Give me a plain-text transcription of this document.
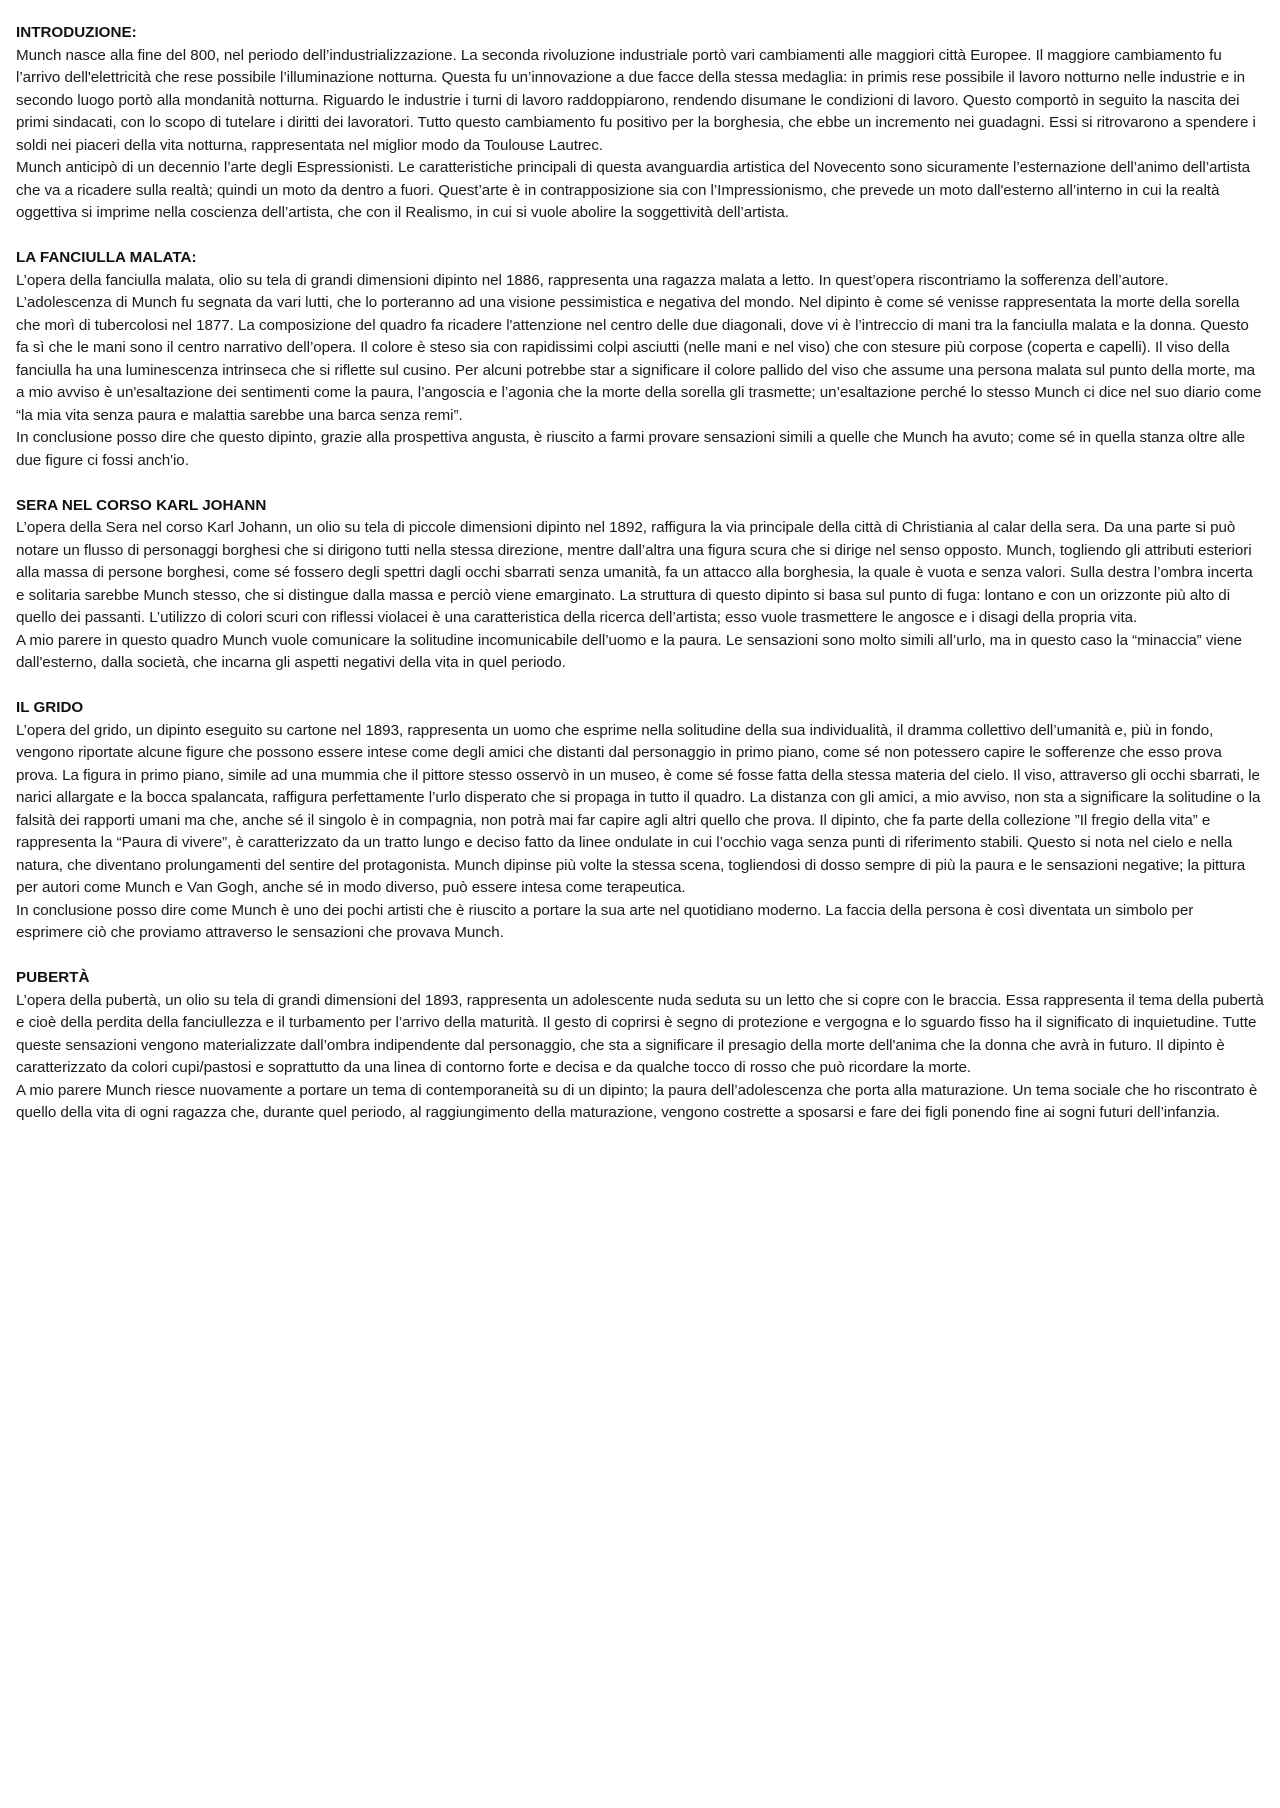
INTRODUZIONE:

Munch nasce alla fine del 800, nel periodo dell’industrializzazione. La seconda rivoluzione industriale portò vari cambiamenti alle maggiori città Europee. Il maggiore cambiamento fu l’arrivo dell'elettricità che rese possibile l’illuminazione notturna. Questa fu un’innovazione a due facce della stessa medaglia: in primis rese possibile il lavoro notturno nelle industrie e in secondo luogo portò alla mondanità notturna. Riguardo le industrie i turni di lavoro raddoppiarono, rendendo disumane le condizioni di lavoro. Questo comportò in seguito la nascita dei primi sindacati, con lo scopo di tutelare i diritti dei lavoratori. Tutto questo cambiamento fu positivo per la borghesia, che ebbe un incremento nei guadagni. Essi si ritrovarono a spendere i soldi nei piaceri della vita notturna, rappresentata nel miglior modo da Toulouse Lautrec.

Munch anticipò di un decennio l’arte degli Espressionisti. Le caratteristiche principali di questa avanguardia artistica del Novecento sono sicuramente l’esternazione dell’animo dell’artista che va a ricadere sulla realtà; quindi un moto da dentro a fuori. Quest’arte è in contrapposizione sia con l’Impressionismo, che prevede un moto dall'esterno all’interno in cui la realtà oggettiva si imprime nella coscienza dell’artista, che con il Realismo, in cui si vuole abolire la soggettività dell’artista.

LA FANCIULLA MALATA:

L’opera della fanciulla malata, olio su tela di grandi dimensioni dipinto nel 1886, rappresenta una ragazza malata a letto. In quest’opera riscontriamo la sofferenza dell’autore. L’adolescenza di Munch fu segnata da vari lutti, che lo porteranno ad una visione pessimistica e negativa del mondo. Nel dipinto è come sé venisse rappresentata la morte della sorella che morì di tubercolosi nel 1877. La composizione del quadro fa ricadere l'attenzione nel centro delle due diagonali, dove vi è l’intreccio di mani tra la fanciulla malata e la donna. Questo fa sì che le mani sono il centro narrativo dell’opera. Il colore è steso sia con rapidissimi colpi asciutti (nelle mani e nel viso) che con stesure più corpose (coperta e capelli). Il viso della fanciulla ha una luminescenza intrinseca che si riflette sul cusino. Per alcuni potrebbe star a significare il colore pallido del viso che assume una persona malata sul punto della morte, ma a mio avviso è un'esaltazione dei sentimenti come la paura, l’angoscia e l’agonia che la morte della sorella gli trasmette; un’esaltazione perché lo stesso Munch ci dice nel suo diario come “la mia vita senza paura e malattia sarebbe una barca senza remi”.

In conclusione posso dire che questo dipinto, grazie alla prospettiva angusta, è riuscito a farmi provare sensazioni simili a quelle che Munch ha avuto; come sé in quella stanza oltre alle due figure ci fossi anch'io.

SERA NEL CORSO KARL JOHANN

L’opera della Sera nel corso Karl Johann, un olio su tela di piccole dimensioni dipinto nel 1892, raffigura la via principale della città di Christiania al calar della sera. Da una parte si può notare un flusso di personaggi borghesi che si dirigono tutti nella stessa direzione, mentre dall’altra una figura scura che si dirige nel senso opposto. Munch, togliendo gli attributi esteriori alla massa di persone borghesi, come sé fossero degli spettri dagli occhi sbarrati senza umanità, fa un attacco alla borghesia, la quale è vuota e senza valori. Sulla destra l’ombra incerta e solitaria sarebbe Munch stesso, che si distingue dalla massa e perciò viene emarginato. La struttura di questo dipinto si basa sul punto di fuga: lontano e con un orizzonte più alto di quello dei passanti. L’utilizzo di colori scuri con riflessi violacei è una caratteristica della ricerca dell’artista; esso vuole trasmettere le angosce e i disagi della propria vita.

A mio parere in questo quadro Munch vuole comunicare la solitudine incomunicabile dell’uomo e la paura. Le sensazioni sono molto simili all’urlo, ma in questo caso la “minaccia” viene dall'esterno, dalla società, che incarna gli aspetti negativi della vita in quel periodo.

IL GRIDO

L’opera del grido, un dipinto eseguito su cartone nel 1893, rappresenta un uomo che esprime nella solitudine della sua individualità, il dramma collettivo dell’umanità e, più in fondo, vengono riportate alcune figure che possono essere intese come degli amici che distanti dal personaggio in primo piano, come sé non potessero capire le sofferenze che esso prova prova. La figura in primo piano, simile ad una mummia che il pittore stesso osservò in un museo, è come sé fosse fatta della stessa materia del cielo. Il viso, attraverso gli occhi sbarrati, le narici allargate e la bocca spalancata, raffigura perfettamente l’urlo disperato che si propaga in tutto il quadro. La distanza con gli amici, a mio avviso, non sta a significare la solitudine o la falsità dei rapporti umani ma che, anche sé il singolo è in compagnia, non potrà mai far capire agli altri quello che prova. Il dipinto, che fa parte della collezione ”Il fregio della vita” e rappresenta la “Paura di vivere”, è caratterizzato da un tratto lungo e deciso fatto da linee ondulate in cui l’occhio vaga senza punti di riferimento stabili. Questo si nota nel cielo e nella natura, che diventano prolungamenti del sentire del protagonista. Munch dipinse più volte la stessa scena, togliendosi di dosso sempre di più la paura e le sensazioni negative; la pittura per autori come Munch e Van Gogh, anche sé in modo diverso, può essere intesa come terapeutica.

In conclusione posso dire come Munch è uno dei pochi artisti che è riuscito a portare la sua arte nel quotidiano moderno. La faccia della persona è così diventata un simbolo per esprimere ciò che proviamo attraverso le sensazioni che provava Munch.

PUBERTÀ

L’opera della pubertà, un olio su tela di grandi dimensioni del 1893, rappresenta un adolescente nuda seduta su un letto che si copre con le braccia. Essa rappresenta il tema della pubertà e cioè della perdita della fanciullezza e il turbamento per l’arrivo della maturità. Il gesto di coprirsi è segno di protezione e vergogna e lo sguardo fisso ha il significato di inquietudine. Tutte queste sensazioni vengono materializzate dall’ombra indipendente dal personaggio, che sta a significare il presagio della morte dell'anima che la donna che avrà in futuro. Il dipinto è caratterizzato da colori cupi/pastosi e soprattutto da una linea di contorno forte e decisa e da qualche tocco di rosso che può ricordare la morte.

A mio parere Munch riesce nuovamente a portare un tema di contemporaneità su di un dipinto; la paura dell’adolescenza che porta alla maturazione. Un tema sociale che ho riscontrato è quello della vita di ogni ragazza che, durante quel periodo, al raggiungimento della maturazione, vengono costrette a sposarsi e fare dei figli ponendo fine ai sogni futuri dell’infanzia.
